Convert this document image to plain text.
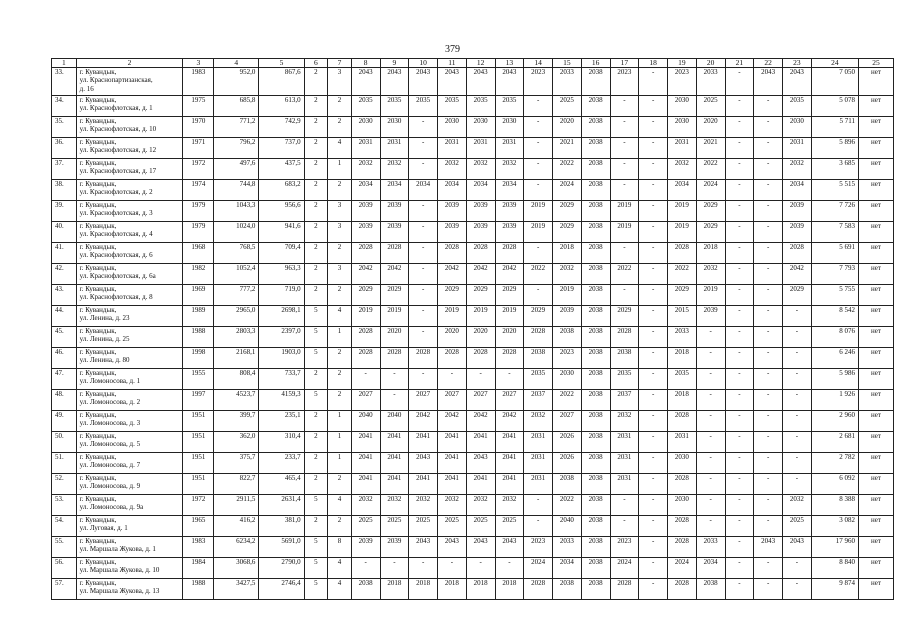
379
1	2	3	4	5	6	7	8	9	10	11	12	13	14	15	16	17	18	19	20	21	22	23	24	25
33.	г. Кувандык,
ул. Краснопартизанская,
д. 16	1983	952,0	867,6	2	3	2043	2043	2043	2043	2043	2043	2023	2033	2038	2023	-	2023	2033	-	2043	2043	7 050	нет
34.	г. Кувандык,
ул. Краснофлотская, д. 1	1975	685,8	613,0	2	2	2035	2035	2035	2035	2035	2035	-	2025	2038	-	-	2030	2025	-	-	2035	5 078	нет
35.	г. Кувандык,
ул. Краснофлотская, д. 10	1970	771,2	742,9	2	2	2030	2030	-	2030	2030	2030	-	2020	2038	-	-	2030	2020	-	-	2030	5 711	нет
36.	г. Кувандык,
ул. Краснофлотская, д. 12	1971	796,2	737,0	2	4	2031	2031	-	2031	2031	2031	-	2021	2038	-	-	2031	2021	-	-	2031	5 896	нет
37.	г. Кувандык,
ул. Краснофлотская, д. 17	1972	497,6	437,5	2	1	2032	2032	-	2032	2032	2032	-	2022	2038	-	-	2032	2022	-	-	2032	3 685	нет
38.	г. Кувандык,
ул. Краснофлотская, д. 2	1974	744,8	683,2	2	2	2034	2034	2034	2034	2034	2034	-	2024	2038	-	-	2034	2024	-	-	2034	5 515	нет
39.	г. Кувандык,
ул. Краснофлотская, д. 3	1979	1043,3	956,6	2	3	2039	2039	-	2039	2039	2039	2019	2029	2038	2019	-	2019	2029	-	-	2039	7 726	нет
40.	г. Кувандык,
ул. Краснофлотская, д. 4	1979	1024,0	941,6	2	3	2039	2039	-	2039	2039	2039	2019	2029	2038	2019	-	2019	2029	-	-	2039	7 583	нет
41.	г. Кувандык,
ул. Краснофлотская, д. 6	1968	768,5	709,4	2	2	2028	2028	-	2028	2028	2028	-	2018	2038	-	-	2028	2018	-	-	2028	5 691	нет
42.	г. Кувандык,
ул. Краснофлотская, д. 6а	1982	1052,4	963,3	2	3	2042	2042	-	2042	2042	2042	2022	2032	2038	2022	-	2022	2032	-	-	2042	7 793	нет
43.	г. Кувандык,
ул. Краснофлотская, д. 8	1969	777,2	719,0	2	2	2029	2029	-	2029	2029	2029	-	2019	2038	-	-	2029	2019	-	-	2029	5 755	нет
44.	г. Кувандык,
ул. Ленина, д. 23	1989	2965,0	2698,1	5	4	2019	2019	-	2019	2019	2019	2029	2039	2038	2029	-	2015	2039	-	-	-	8 542	нет
45.	г. Кувандык,
ул. Ленина, д. 25	1988	2803,3	2397,0	5	1	2028	2020	-	2020	2020	2020	2028	2038	2038	2028	-	2033	-	-	-	-	8 076	нет
46.	г. Кувандык,
ул. Ленина, д. 80	1998	2168,1	1903,0	5	2	2028	2028	2028	2028	2028	2028	2038	2023	2038	2038	-	2018	-	-	-	-	6 246	нет
47.	г. Кувандык,
ул. Ломоносова, д. 1	1955	808,4	733,7	2	2	-	-	-	-	-	-	2035	2030	2038	2035	-	2035	-	-	-	-	5 986	нет
48.	г. Кувандык,
ул. Ломоносова, д. 2	1997	4523,7	4159,3	5	2	2027	-	2027	2027	2027	2027	2037	2022	2038	2037	-	2018	-	-	-	-	1 926	нет
49.	г. Кувандык,
ул. Ломоносова, д. 3	1951	399,7	235,1	2	1	2040	2040	2042	2042	2042	2042	2032	2027	2038	2032	-	2028	-	-	-	-	2 960	нет
50.	г. Кувандык,
ул. Ломоносова, д. 5	1951	362,0	310,4	2	1	2041	2041	2041	2041	2041	2041	2031	2026	2038	2031	-	2031	-	-	-	-	2 681	нет
51.	г. Кувандык,
ул. Ломоносова, д. 7	1951	375,7	233,7	2	1	2041	2041	2043	2041	2043	2041	2031	2026	2038	2031	-	2030	-	-	-	-	2 782	нет
52.	г. Кувандык,
ул. Ломоносова, д. 9	1951	822,7	465,4	2	2	2041	2041	2041	2041	2041	2041	2031	2038	2038	2031	-	2028	-	-	-	-	6 092	нет
53.	г. Кувандык,
ул. Ломоносова, д. 9а	1972	2911,5	2631,4	5	4	2032	2032	2032	2032	2032	2032	-	2022	2038	-	-	2030	-	-	-	2032	8 388	нет
54.	г. Кувандык,
ул. Луговая, д. 1	1965	416,2	381,0	2	2	2025	2025	2025	2025	2025	2025	-	2040	2038	-	-	2028	-	-	-	2025	3 082	нет
55.	г. Кувандык,
ул. Маршала Жукова, д. 1	1983	6234,2	5691,0	5	8	2039	2039	2043	2043	2043	2043	2023	2033	2038	2023	-	2028	2033	-	2043	2043	17 960	нет
56.	г. Кувандык,
ул. Маршала Жукова, д. 10	1984	3068,6	2790,0	5	4	-	-	-	-	-	-	2024	2034	2038	2024	-	2024	2034	-	-	-	8 840	нет
57.	г. Кувандык,
ул. Маршала Жукова, д. 13	1988	3427,5	2746,4	5	4	2038	2018	2018	2018	2018	2018	2028	2038	2038	2028	-	2028	2038	-	-	-	9 874	нет
